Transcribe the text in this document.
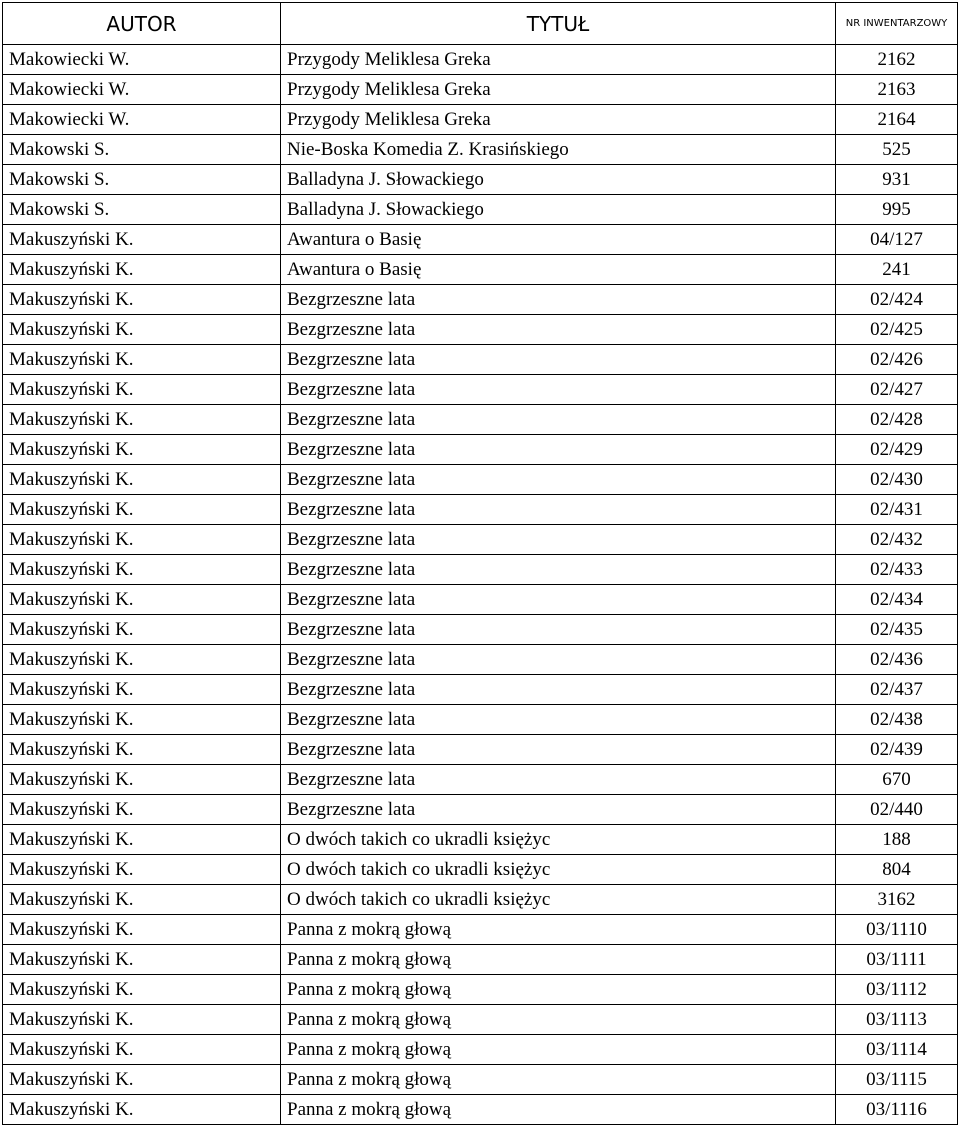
AUTOR	TYTUŁ	NR INWENTARZOWY
Makowiecki W.	Przygody Meliklesa Greka	2162
Makowiecki W.	Przygody Meliklesa Greka	2163
Makowiecki W.	Przygody Meliklesa Greka	2164
Makowski S.	Nie-Boska Komedia Z. Krasińskiego	525
Makowski S.	Balladyna J. Słowackiego	931
Makowski S.	Balladyna J. Słowackiego	995
Makuszyński K.	Awantura o Basię	04/127
Makuszyński K.	Awantura o Basię	241
Makuszyński K.	Bezgrzeszne lata	02/424
Makuszyński K.	Bezgrzeszne lata	02/425
Makuszyński K.	Bezgrzeszne lata	02/426
Makuszyński K.	Bezgrzeszne lata	02/427
Makuszyński K.	Bezgrzeszne lata	02/428
Makuszyński K.	Bezgrzeszne lata	02/429
Makuszyński K.	Bezgrzeszne lata	02/430
Makuszyński K.	Bezgrzeszne lata	02/431
Makuszyński K.	Bezgrzeszne lata	02/432
Makuszyński K.	Bezgrzeszne lata	02/433
Makuszyński K.	Bezgrzeszne lata	02/434
Makuszyński K.	Bezgrzeszne lata	02/435
Makuszyński K.	Bezgrzeszne lata	02/436
Makuszyński K.	Bezgrzeszne lata	02/437
Makuszyński K.	Bezgrzeszne lata	02/438
Makuszyński K.	Bezgrzeszne lata	02/439
Makuszyński K.	Bezgrzeszne lata	670
Makuszyński K.	Bezgrzeszne lata	02/440
Makuszyński K.	O dwóch takich co ukradli księżyc	188
Makuszyński K.	O dwóch takich co ukradli księżyc	804
Makuszyński K.	O dwóch takich co ukradli księżyc	3162
Makuszyński K.	Panna z mokrą głową	03/1110
Makuszyński K.	Panna z mokrą głową	03/1111
Makuszyński K.	Panna z mokrą głową	03/1112
Makuszyński K.	Panna z mokrą głową	03/1113
Makuszyński K.	Panna z mokrą głową	03/1114
Makuszyński K.	Panna z mokrą głową	03/1115
Makuszyński K.	Panna z mokrą głową	03/1116
